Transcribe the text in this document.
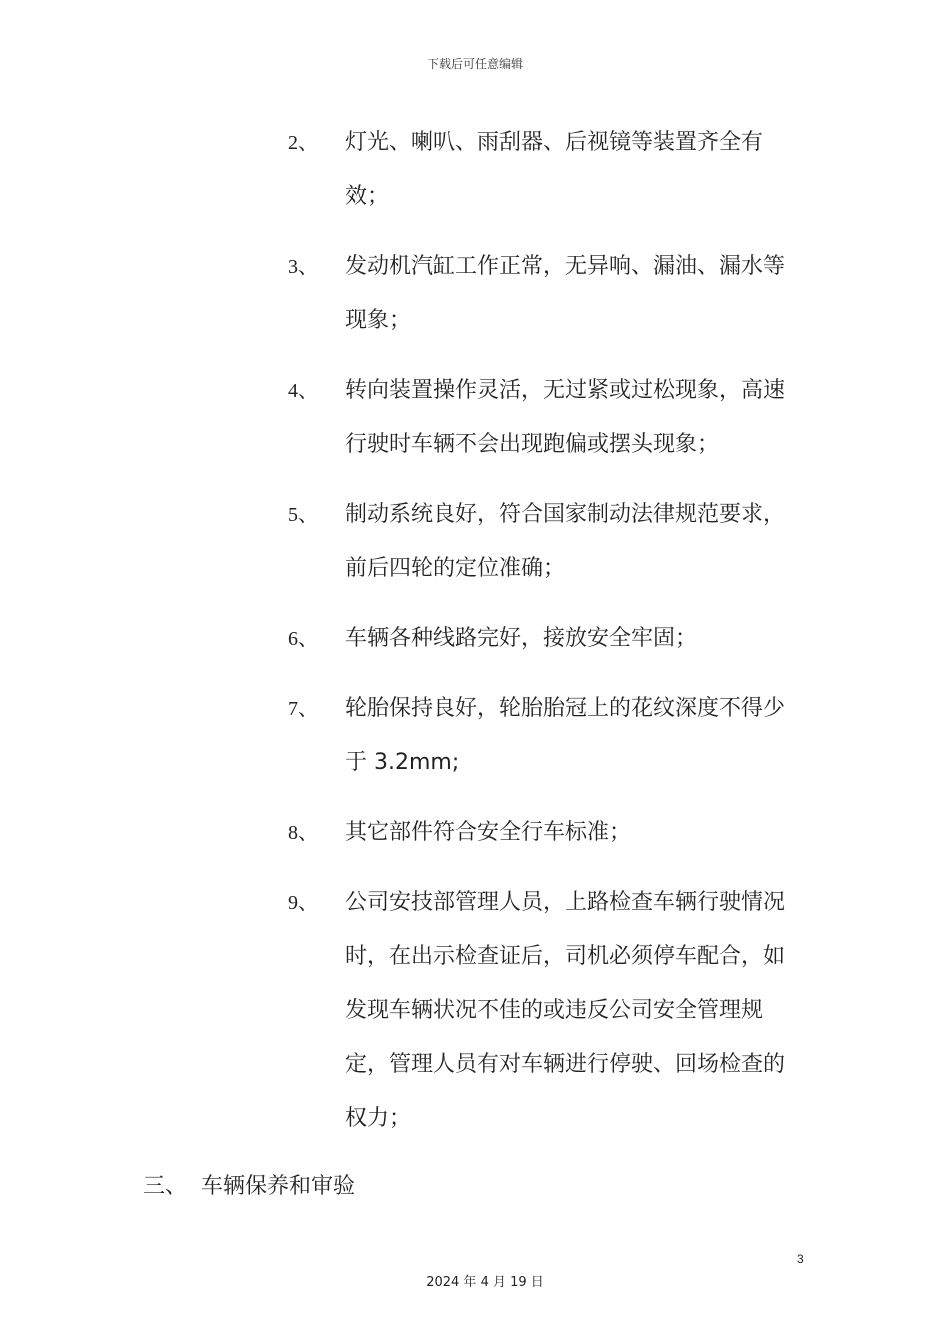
下载后可任意编辑
2、	灯光、喇叭、雨刮器、后视镜等装置齐全有效；
3、	发动机汽缸工作正常，无异响、漏油、漏水等现象；
4、	转向装置操作灵活，无过紧或过松现象，高速行驶时车辆不会出现跑偏或摆头现象；
5、	制动系统良好，符合国家制动法律规范要求，前后四轮的定位准确；
6、	车辆各种线路完好，接放安全牢固；
7、	轮胎保持良好，轮胎胎冠上的花纹深度不得少于 3.2mm;
8、	其它部件符合安全行车标准；
9、	公司安技部管理人员，上路检查车辆行驶情况时，在出示检查证后，司机必须停车配合，如发现车辆状况不佳的或违反公司安全管理规定，管理人员有对车辆进行停驶、回场检查的权力；
三、 车辆保养和审验
3
2024 年 4 月 19 日
